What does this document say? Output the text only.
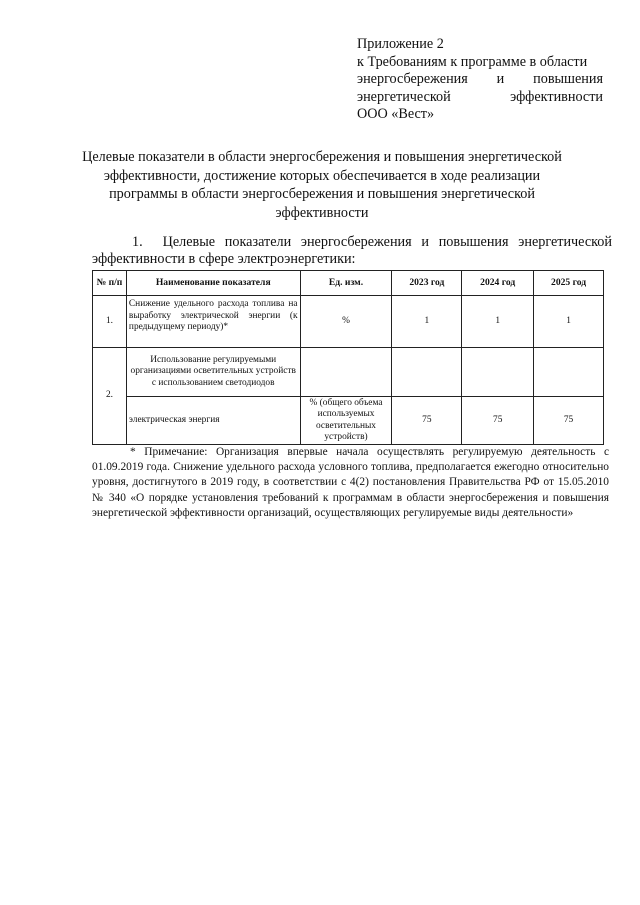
Приложение 2
к Требованиям к программе в области
энергосбережения и повышения
энергетической эффективности
ООО «Вест»
Целевые показатели в области энергосбережения и повышения энергетической эффективности, достижение которых обеспечивается в ходе реализации программы в области энергосбережения и повышения энергетической эффективности
1. Целевые показатели энергосбережения и повышения энергетической
эффективности в сфере электроэнергетики:
№ п/п	Наименование показателя	Ед. изм.	2023 год	2024 год	2025 год
1.	Снижение удельного расхода топлива на выработку электрической энергии (к предыдущему периоду)*	%	1	1	1
2.	Использование регулируемыми организациями осветительных устройств с использованием светодиодов				
	электрическая энергия	% (общего объема используемых осветительных устройств)	75	75	75
* Примечание: Организация впервые начала осуществлять регулируемую деятельность с 01.09.2019 года. Снижение удельного расхода условного топлива, предполагается ежегодно относительно уровня, достигнутого в 2019 году, в соответствии с 4(2) постановления Правительства РФ от 15.05.2010 № 340 «О порядке установления требований к программам в области энергосбережения и повышения энергетической эффективности организаций, осуществляющих регулируемые виды деятельности»
